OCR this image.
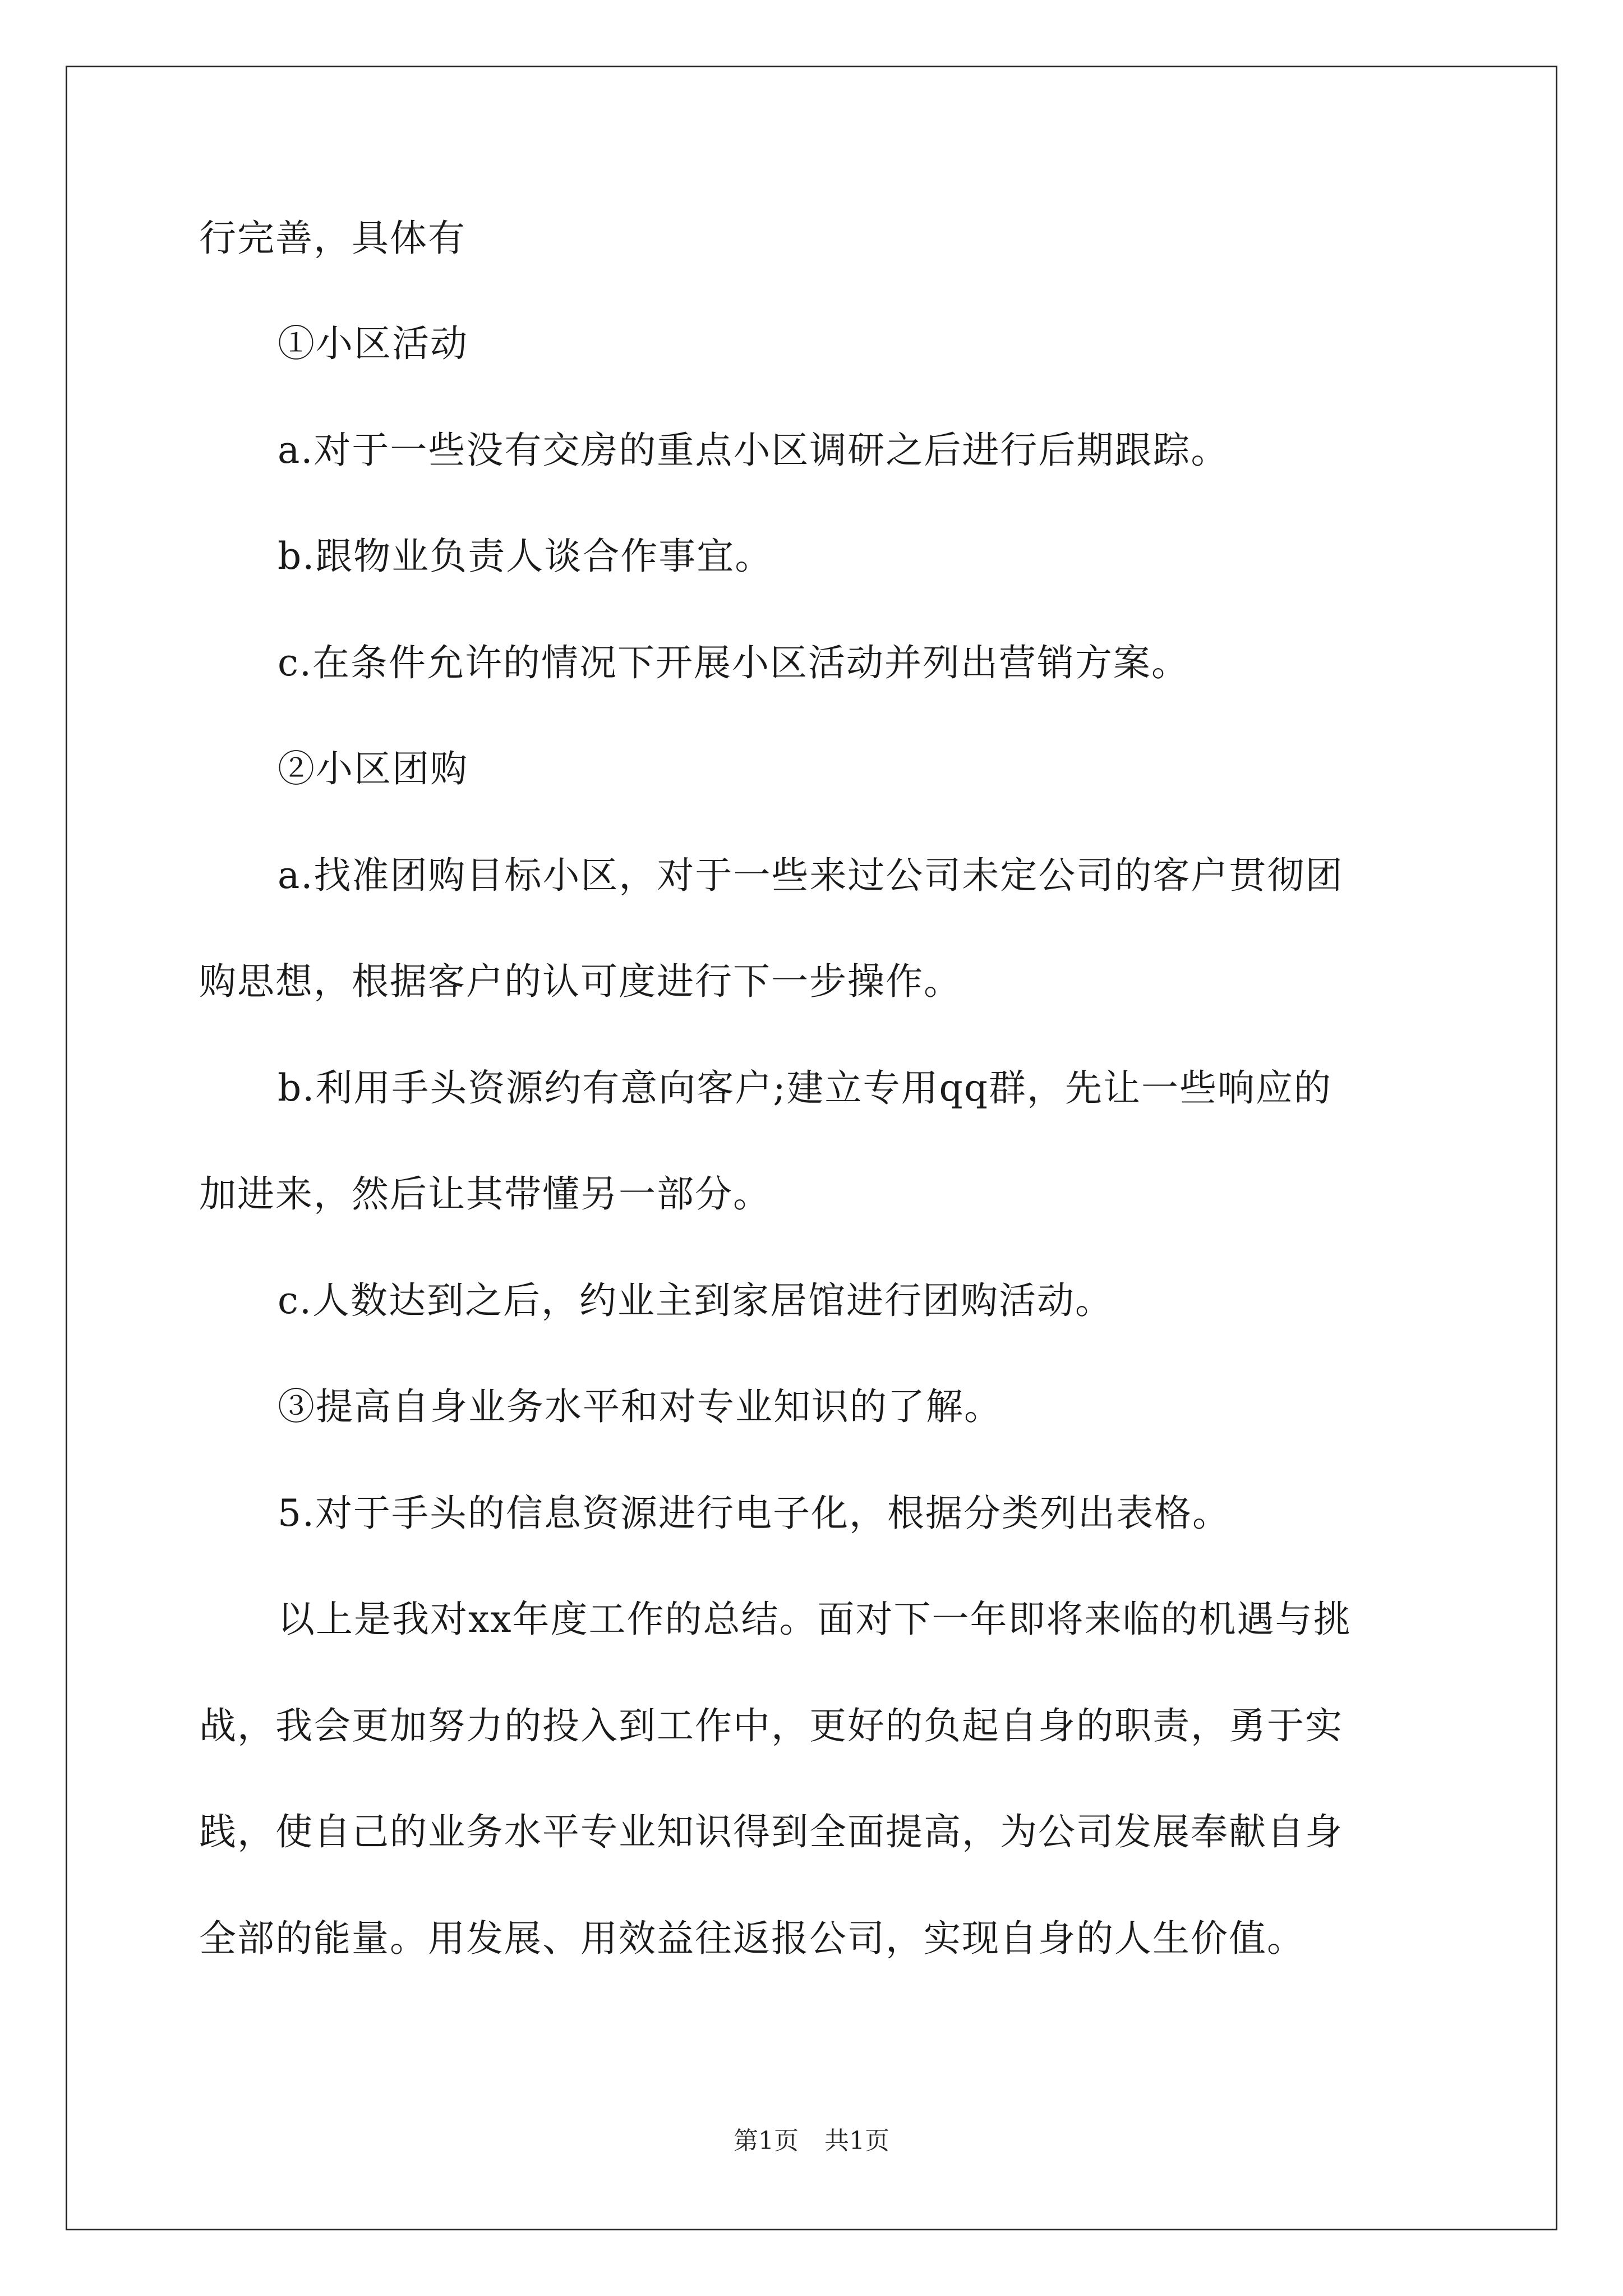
行完善，具体有
①小区活动
a.对于一些没有交房的重点小区调研之后进行后期跟踪。
b.跟物业负责人谈合作事宜。
c.在条件允许的情况下开展小区活动并列出营销方案。
②小区团购
a.找准团购目标小区，对于一些来过公司未定公司的客户贯彻团
购思想，根据客户的认可度进行下一步操作。
b.利用手头资源约有意向客户;建立专用qq群，先让一些响应的
加进来，然后让其带懂另一部分。
c.人数达到之后，约业主到家居馆进行团购活动。
③提高自身业务水平和对专业知识的了解。
5.对于手头的信息资源进行电子化，根据分类列出表格。
以上是我对xx年度工作的总结。面对下一年即将来临的机遇与挑
战，我会更加努力的投入到工作中，更好的负起自身的职责，勇于实
践，使自己的业务水平专业知识得到全面提高，为公司发展奉献自身
全部的能量。用发展、用效益往返报公司，实现自身的人生价值。
第1页 共1页
